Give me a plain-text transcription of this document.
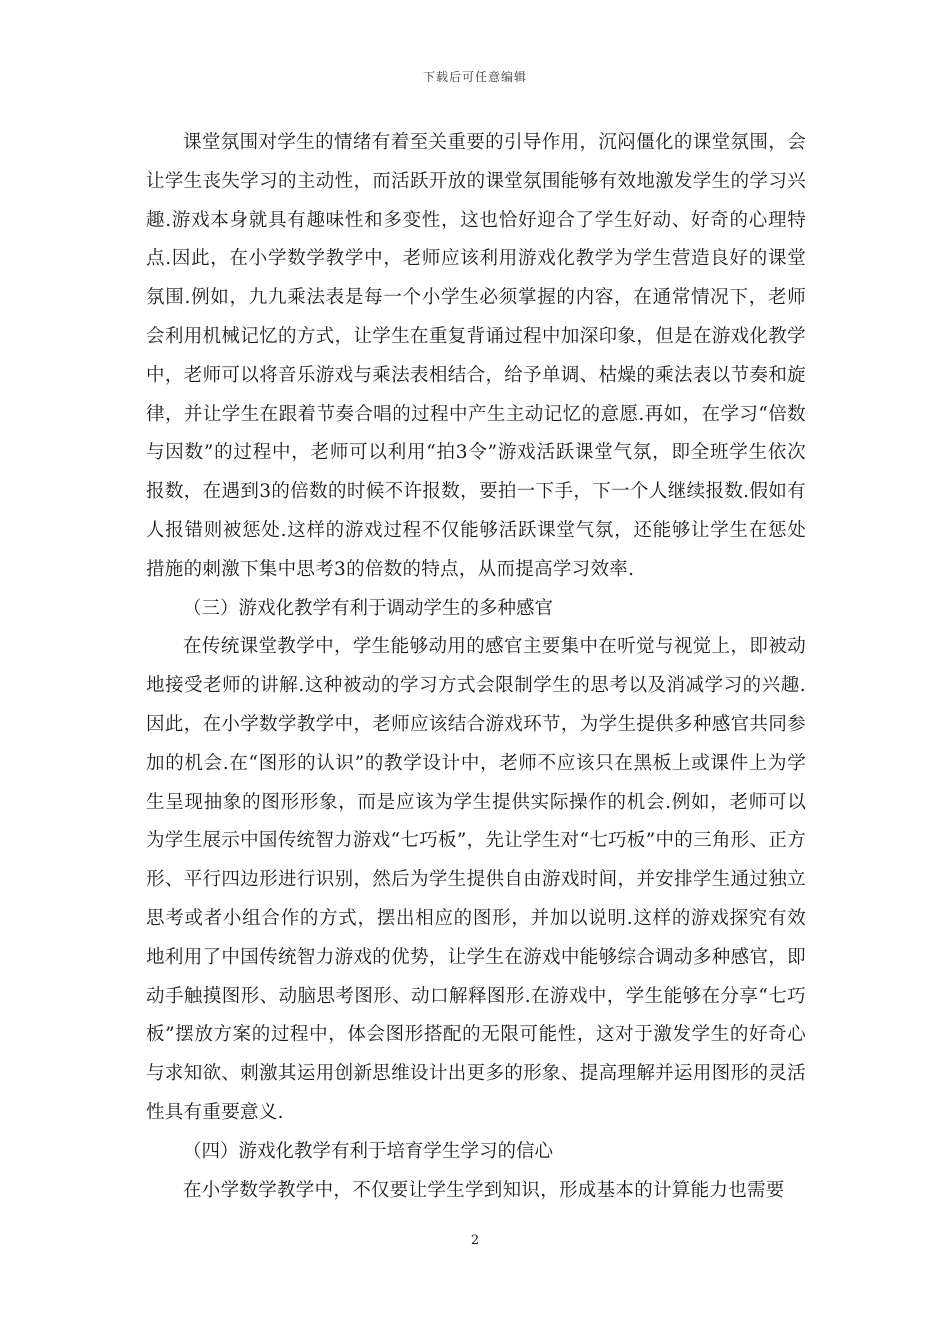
下载后可任意编辑

课堂氛围对学生的情绪有着至关重要的引导作用，沉闷僵化的课堂氛围，会让学生丧失学习的主动性，而活跃开放的课堂氛围能够有效地激发学生的学习兴趣.游戏本身就具有趣味性和多变性，这也恰好迎合了学生好动、好奇的心理特点.因此，在小学数学教学中，老师应该利用游戏化教学为学生营造良好的课堂氛围.例如，九九乘法表是每一个小学生必须掌握的内容，在通常情况下，老师会利用机械记忆的方式，让学生在重复背诵过程中加深印象，但是在游戏化教学中，老师可以将音乐游戏与乘法表相结合，给予单调、枯燥的乘法表以节奏和旋律，并让学生在跟着节奏合唱的过程中产生主动记忆的意愿.再如，在学习“倍数与因数”的过程中，老师可以利用“拍3令”游戏活跃课堂气氛，即全班学生依次报数，在遇到3的倍数的时候不许报数，要拍一下手，下一个人继续报数.假如有人报错则被惩处.这样的游戏过程不仅能够活跃课堂气氛，还能够让学生在惩处措施的刺激下集中思考3的倍数的特点，从而提高学习效率.

（三）游戏化教学有利于调动学生的多种感官

在传统课堂教学中，学生能够动用的感官主要集中在听觉与视觉上，即被动地接受老师的讲解.这种被动的学习方式会限制学生的思考以及消减学习的兴趣.因此，在小学数学教学中，老师应该结合游戏环节，为学生提供多种感官共同参加的机会.在“图形的认识”的教学设计中，老师不应该只在黑板上或课件上为学生呈现抽象的图形形象，而是应该为学生提供实际操作的机会.例如，老师可以为学生展示中国传统智力游戏“七巧板”，先让学生对“七巧板”中的三角形、正方形、平行四边形进行识别，然后为学生提供自由游戏时间，并安排学生通过独立思考或者小组合作的方式，摆出相应的图形，并加以说明.这样的游戏探究有效地利用了中国传统智力游戏的优势，让学生在游戏中能够综合调动多种感官，即动手触摸图形、动脑思考图形、动口解释图形.在游戏中，学生能够在分享“七巧板”摆放方案的过程中，体会图形搭配的无限可能性，这对于激发学生的好奇心与求知欲、刺激其运用创新思维设计出更多的形象、提高理解并运用图形的灵活性具有重要意义.

（四）游戏化教学有利于培育学生学习的信心

在小学数学教学中，不仅要让学生学到知识，形成基本的计算能力也需要

2
